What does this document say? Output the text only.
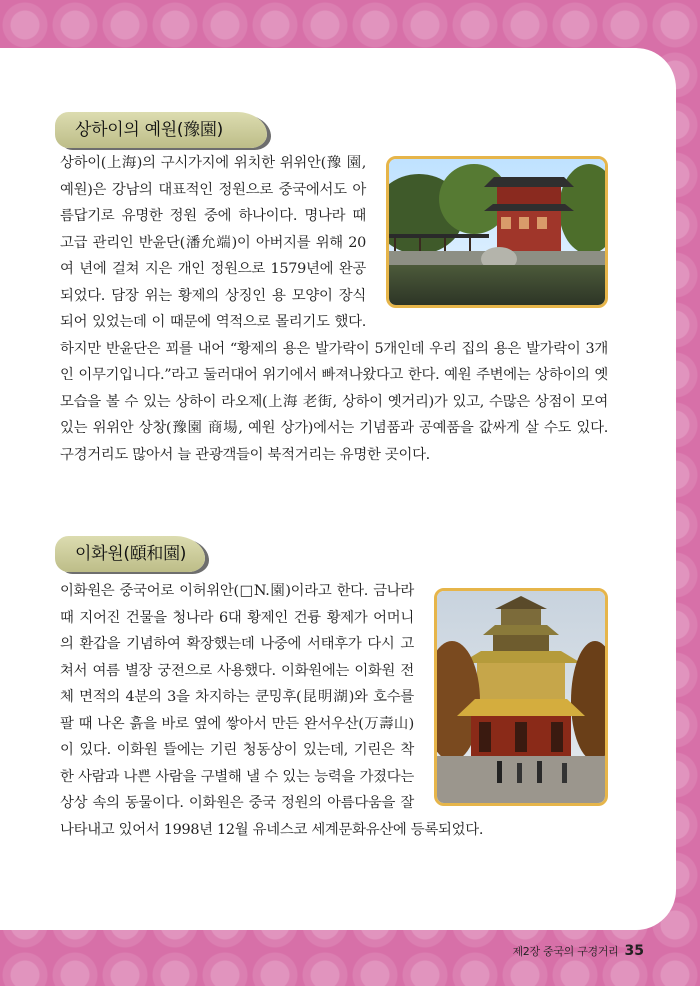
상하이의 예원(豫園)
상하이(上海)의 구시가지에 위치한 위위안(豫 園, 예원)은 강남의 대표적인 정원으로 중국에서도 아름답기로 유명한 정원 중에 하나이다. 명나라 때 고급 관리인 반윤단(潘允端)이 아버지를 위해 20여 년에 걸쳐 지은 개인 정원으로 1579년에 완공되었다. 담장 위는 황제의 상징인 용 모양이 장식되어 있었는데 이 때문에 역적으로 몰리기도 했다. 하지만 반윤단은 꾀를 내어 “황제의 용은 발가락이 5개인데 우리 집의 용은 발가락이 3개인 이무기입니다.”라고 둘러대어 위기에서 빠져나왔다고 한다. 예원 주변에는 상하이의 옛 모습을 볼 수 있는 상하이 라오제(上海 老街, 상하이 옛거리)가 있고, 수많은 상점이 모여 있는 위위안 상창(豫園 商場, 예원 상가)에서는 기념품과 공예품을 값싸게 살 수도 있다. 구경거리도 많아서 늘 관광객들이 북적거리는 유명한 곳이다.
이화원(頤和園)
이화원은 중국어로 이허위안(□N.園)이라고 한다. 금나라 때 지어진 건물을 청나라 6대 황제인 건륭 황제가 어머니의 환갑을 기념하여 확장했는데 나중에 서태후가 다시 고쳐서 여름 별장 궁전으로 사용했다. 이화원에는 이화원 전체 면적의 4분의 3을 차지하는 쿤밍후(昆明湖)와 호수를 팔 때 나온 흙을 바로 옆에 쌓아서 만든 완서우산(万壽山)이 있다. 이화원 뜰에는 기린 청동상이 있는데, 기린은 착한 사람과 나쁜 사람을 구별해 낼 수 있는 능력을 가졌다는 상상 속의 동물이다. 이화원은 중국 정원의 아름다움을 잘 나타내고 있어서 1998년 12월 유네스코 세계문화유산에 등록되었다.
제2장 중국의 구경거리 35
